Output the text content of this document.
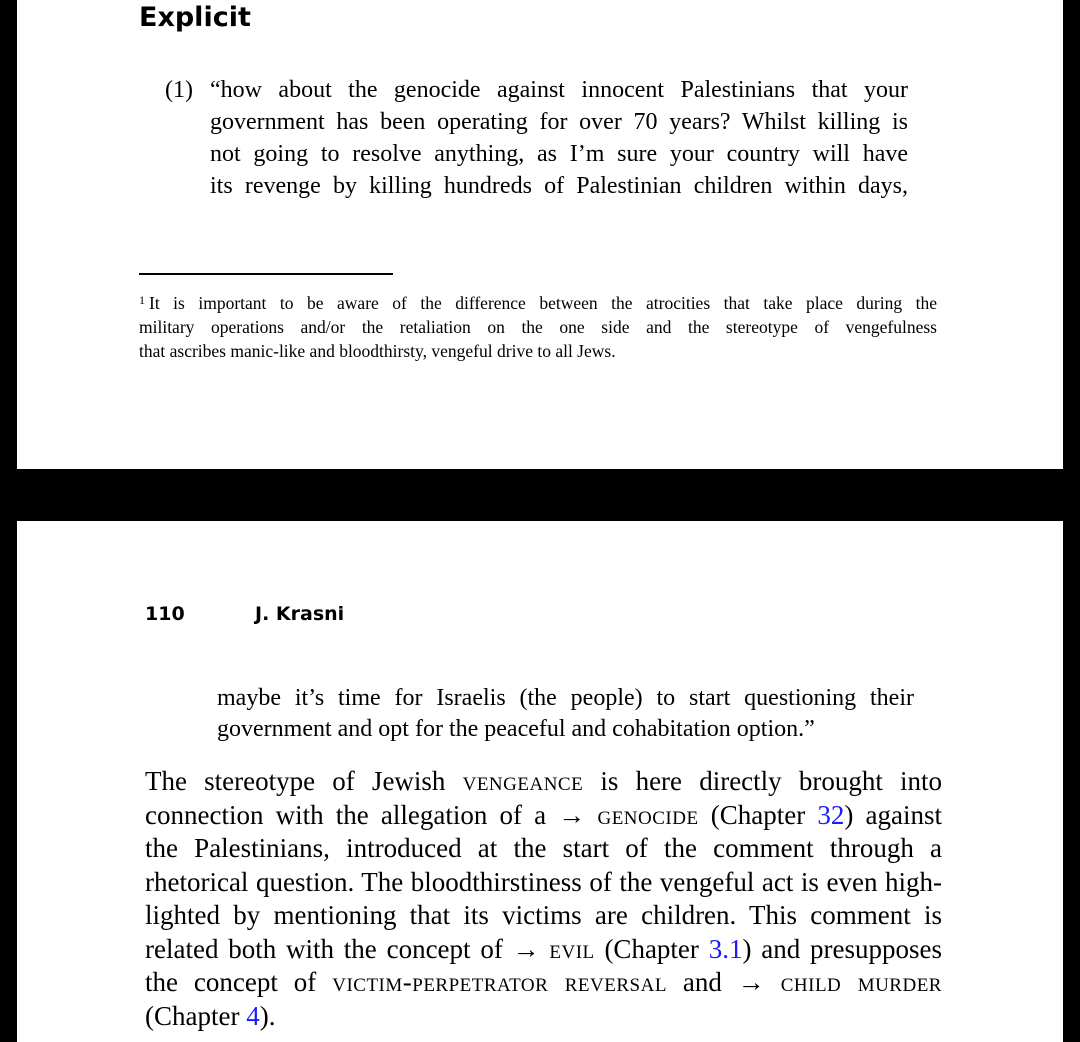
Explicit
(1) “how about the genocide against innocent Palestinians that your
government has been operating for over 70 years? Whilst killing is
not going to resolve anything, as I’m sure your country will have
its revenge by killing hundreds of Palestinian children within days,
$^1$ It is important to be aware of the difference between the atrocities that take place during the
military operations and/or the retaliation on the one side and the stereotype of vengefulness
that ascribes manic-like and bloodthirsty, vengeful drive to all Jews.
110	J. Krasni
maybe it’s time for Israelis (the people) to start questioning their
government and opt for the peaceful and cohabitation option.”
The stereotype of Jewish vengeance is here directly brought into
connection with the allegation of a → genocide (Chapter 32) against
the Palestinians, introduced at the start of the comment through a
rhetorical question. The bloodthirstiness of the vengeful act is even high-
lighted by mentioning that its victims are children. This comment is
related both with the concept of → evil (Chapter 3.1) and presupposes
the concept of victim-perpetrator reversal and → child murder
(Chapter 4).
